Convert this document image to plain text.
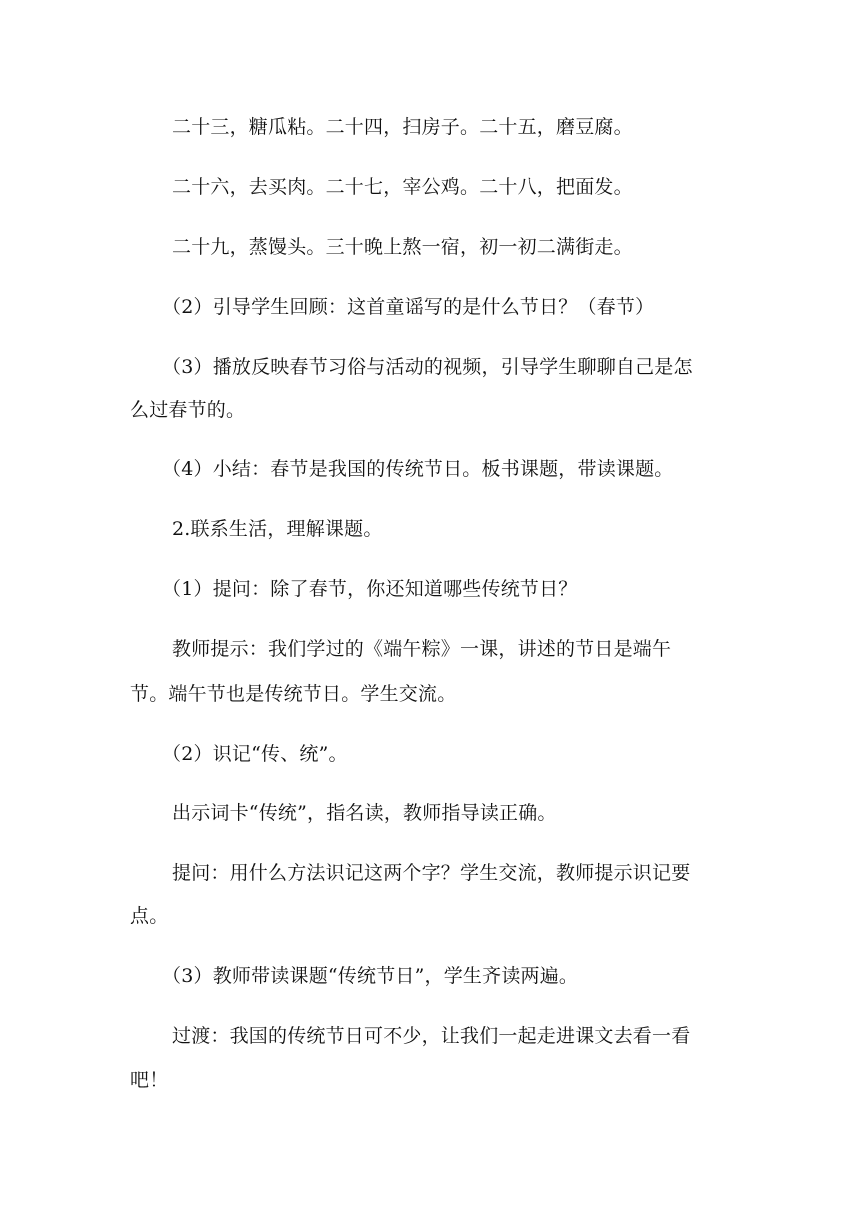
二十三，糖瓜粘。二十四，扫房子。二十五，磨豆腐。
二十六，去买肉。二十七，宰公鸡。二十八，把面发。
二十九，蒸馒头。三十晚上熬一宿，初一初二满街走。
（2）引导学生回顾：这首童谣写的是什么节日？（春节）
（3）播放反映春节习俗与活动的视频，引导学生聊聊自己是怎
么过春节的。
（4）小结：春节是我国的传统节日。板书课题，带读课题。
2.联系生活，理解课题。
（1）提问：除了春节，你还知道哪些传统节日？
教师提示：我们学过的《端午粽》一课，讲述的节日是端午
节。端午节也是传统节日。学生交流。
（2）识记“传、统”。
出示词卡“传统”，指名读，教师指导读正确。
提问：用什么方法识记这两个字？学生交流，教师提示识记要
点。
（3）教师带读课题“传统节日”，学生齐读两遍。
过渡：我国的传统节日可不少，让我们一起走进课文去看一看
吧！
